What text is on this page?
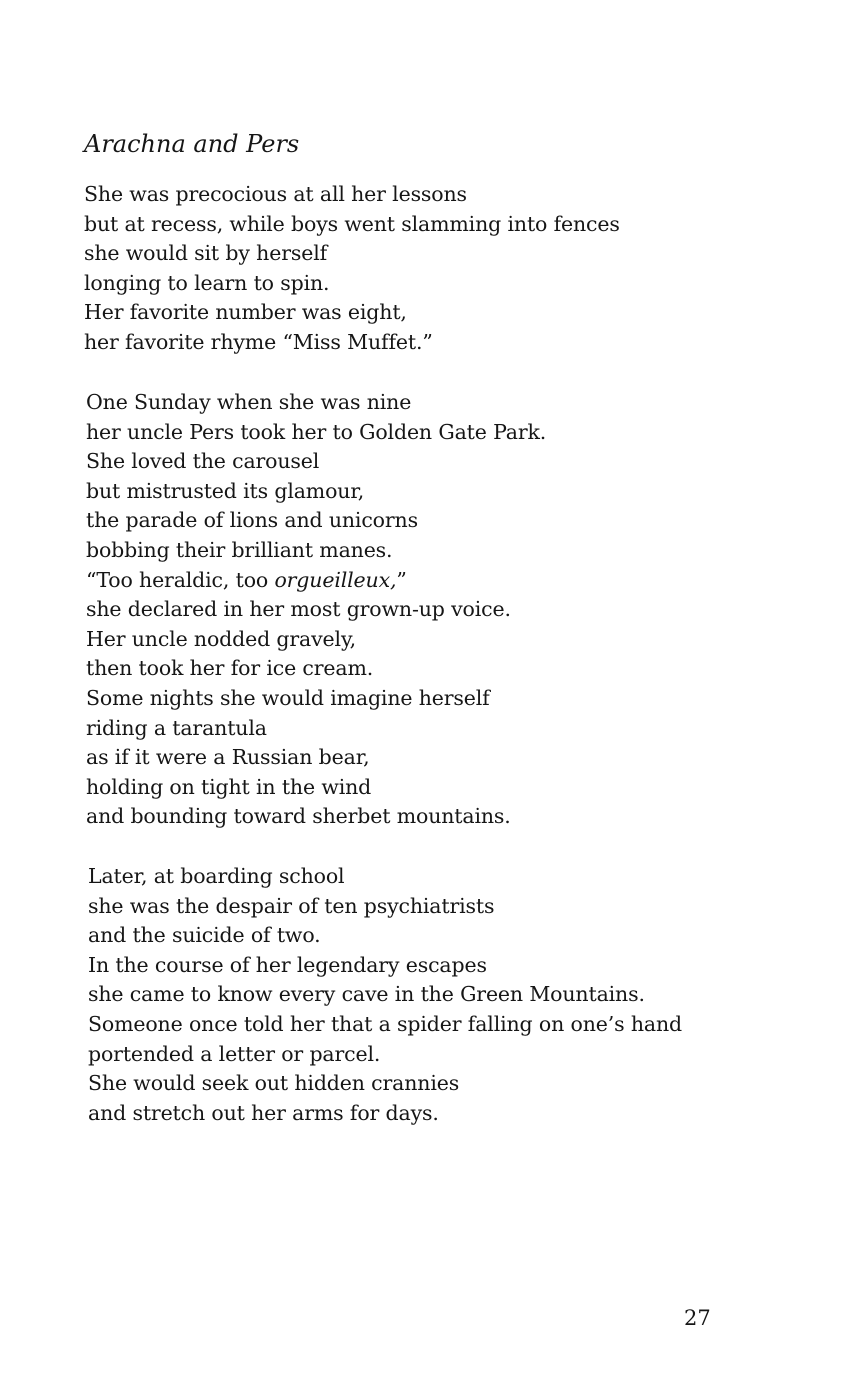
Arachna and Pers
She was precocious at all her lessons
but at recess, while boys went slamming into fences
she would sit by herself
longing to learn to spin.
Her favorite number was eight,
her favorite rhyme “Miss Muffet.”
One Sunday when she was nine
her uncle Pers took her to Golden Gate Park.
She loved the carousel
but mistrusted its glamour,
the parade of lions and unicorns
bobbing their brilliant manes.
“Too heraldic, too orgueilleux,”
she declared in her most grown-up voice.
Her uncle nodded gravely,
then took her for ice cream.
Some nights she would imagine herself
riding a tarantula
as if it were a Russian bear,
holding on tight in the wind
and bounding toward sherbet mountains.
Later, at boarding school
she was the despair of ten psychiatrists
and the suicide of two.
In the course of her legendary escapes
she came to know every cave in the Green Mountains.
Someone once told her that a spider falling on one’s hand
portended a letter or parcel.
She would seek out hidden crannies
and stretch out her arms for days.
27
